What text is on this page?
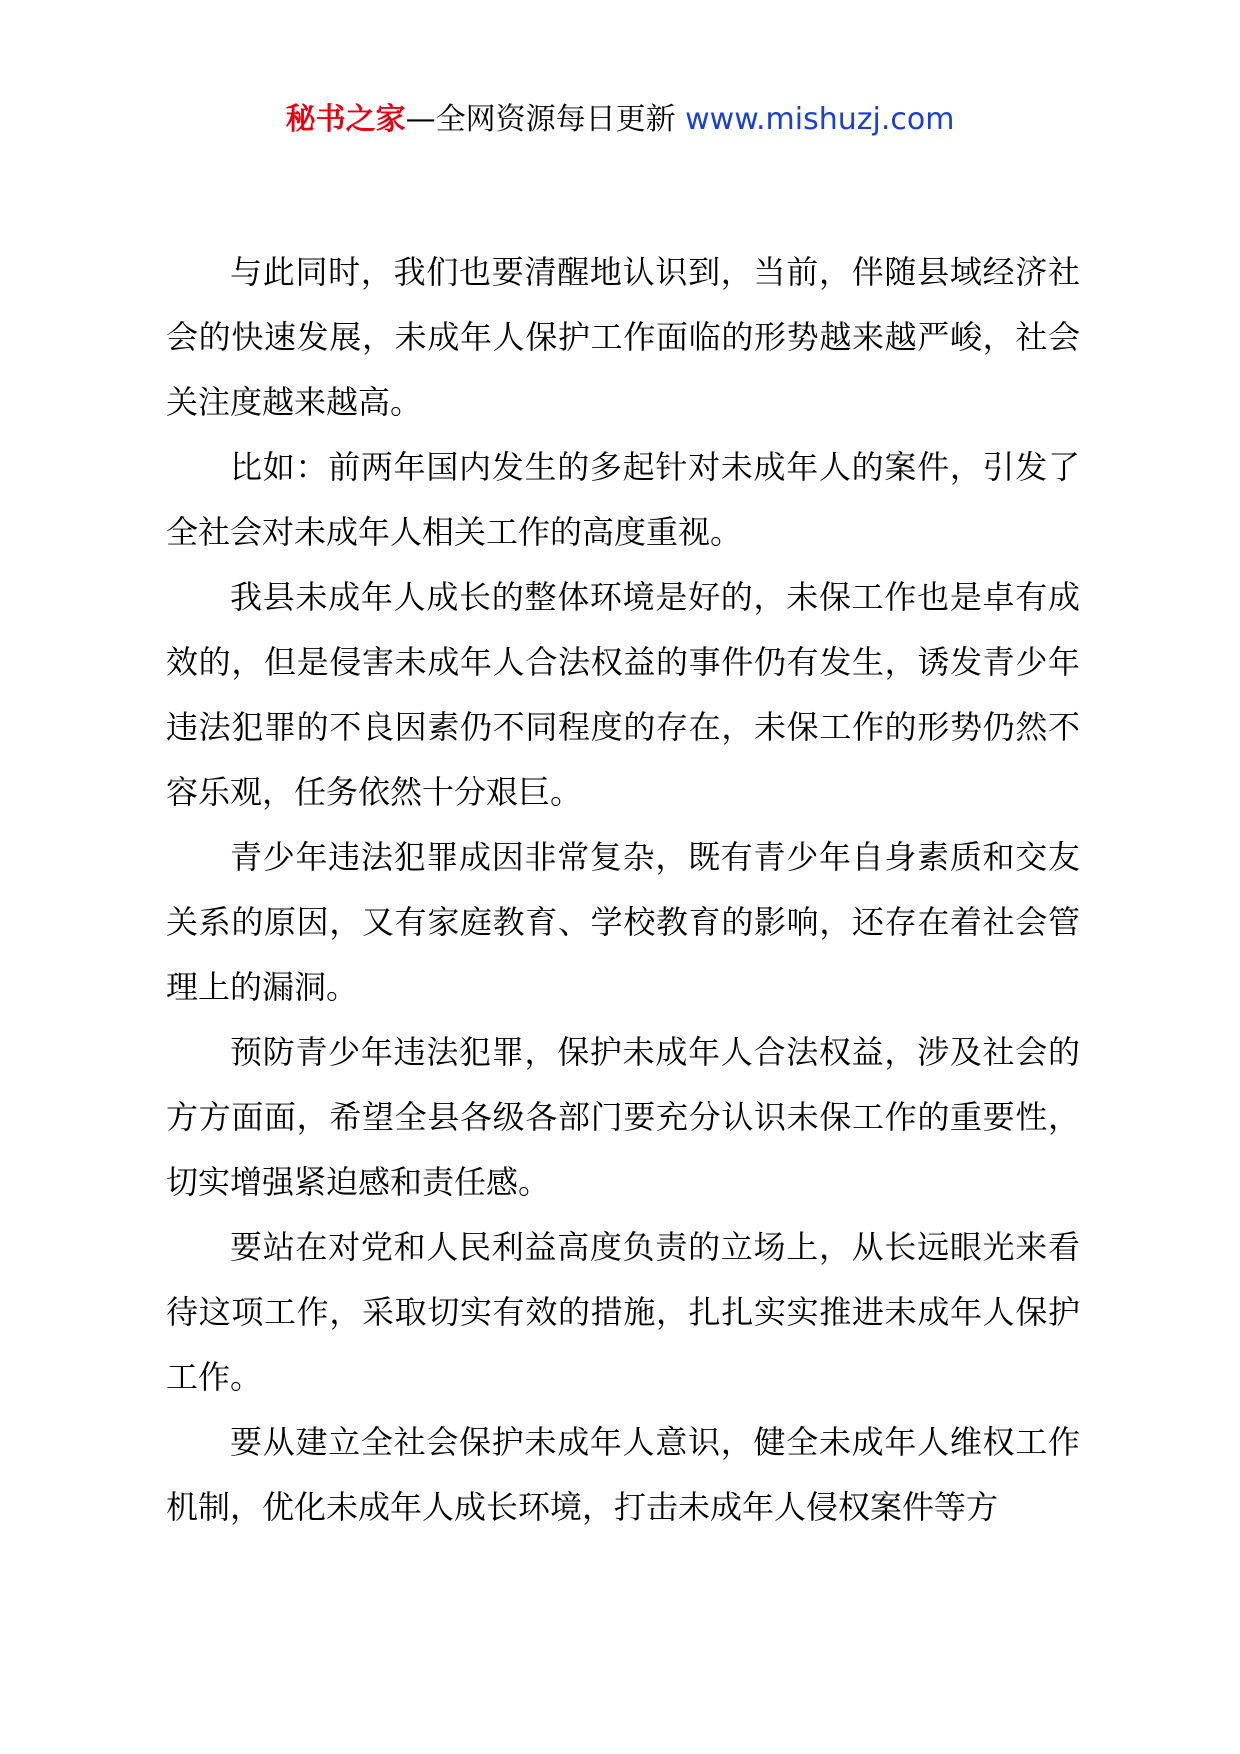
秘书之家—全网资源每日更新 www.mishuzj.com

与此同时，我们也要清醒地认识到，当前，伴随县域经济社会的快速发展，未成年人保护工作面临的形势越来越严峻，社会关注度越来越高。

比如：前两年国内发生的多起针对未成年人的案件，引发了全社会对未成年人相关工作的高度重视。

我县未成年人成长的整体环境是好的，未保工作也是卓有成效的，但是侵害未成年人合法权益的事件仍有发生，诱发青少年违法犯罪的不良因素仍不同程度的存在，未保工作的形势仍然不容乐观，任务依然十分艰巨。

青少年违法犯罪成因非常复杂，既有青少年自身素质和交友关系的原因，又有家庭教育、学校教育的影响，还存在着社会管理上的漏洞。

预防青少年违法犯罪，保护未成年人合法权益，涉及社会的方方面面，希望全县各级各部门要充分认识未保工作的重要性，切实增强紧迫感和责任感。

要站在对党和人民利益高度负责的立场上，从长远眼光来看待这项工作，采取切实有效的措施，扎扎实实推进未成年人保护工作。

要从建立全社会保护未成年人意识，健全未成年人维权工作机制，优化未成年人成长环境，打击未成年人侵权案件等方
